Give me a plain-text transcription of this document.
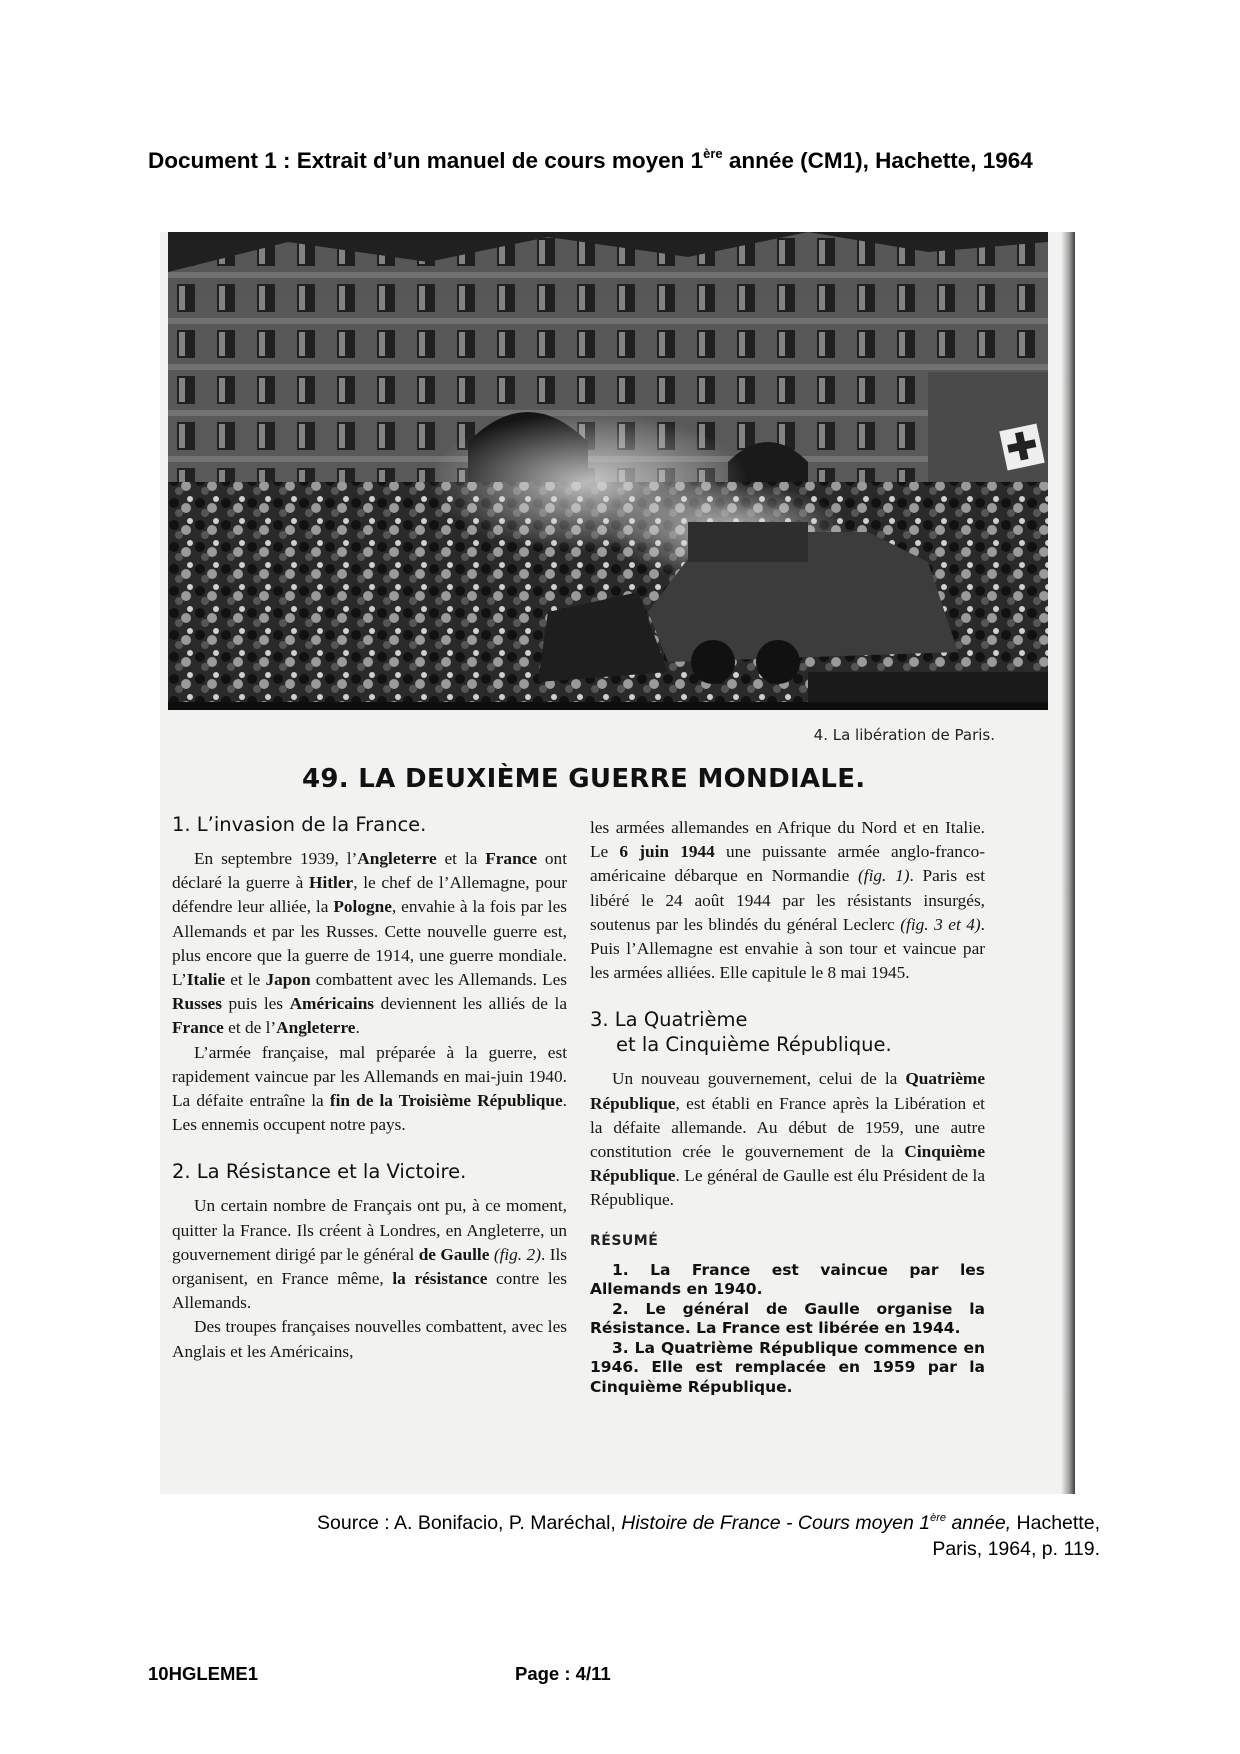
Document 1 : Extrait d’un manuel de cours moyen 1ère année (CM1), Hachette, 1964
4. La libération de Paris.
49. LA DEUXIÈME GUERRE MONDIALE.
1. L’invasion de la France.

En septembre 1939, l’Angleterre et la France ont déclaré la guerre à Hitler, le chef de l’Allemagne, pour défendre leur alliée, la Pologne, envahie à la fois par les Allemands et par les Russes. Cette nouvelle guerre est, plus encore que la guerre de 1914, une guerre mondiale. L’Italie et le Japon combattent avec les Allemands. Les Russes puis les Américains deviennent les alliés de la France et de l’Angleterre.

L’armée française, mal préparée à la guerre, est rapidement vaincue par les Allemands en mai-juin 1940. La défaite entraîne la fin de la Troisième République. Les ennemis occupent notre pays.

2. La Résistance et la Victoire.

Un certain nombre de Français ont pu, à ce moment, quitter la France. Ils créent à Londres, en Angleterre, un gouvernement dirigé par le général de Gaulle (fig. 2). Ils organisent, en France même, la résistance contre les Allemands.

Des troupes françaises nouvelles combattent, avec les Anglais et les Américains,

les armées allemandes en Afrique du Nord et en Italie. Le 6 juin 1944 une puissante armée anglo-franco-américaine débarque en Normandie (fig. 1). Paris est libéré le 24 août 1944 par les résistants insurgés, soutenus par les blindés du général Leclerc (fig. 3 et 4). Puis l’Allemagne est envahie à son tour et vaincue par les armées alliées. Elle capitule le 8 mai 1945.

3. La Quatrième
et la Cinquième République.

Un nouveau gouvernement, celui de la Quatrième République, est établi en France après la Libération et la défaite allemande. Au début de 1959, une autre constitution crée le gouvernement de la Cinquième République. Le général de Gaulle est élu Président de la République.

RÉSUMÉ

1. La France est vaincue par les Allemands en 1940.

2. Le général de Gaulle organise la Résistance. La France est libérée en 1944.

3. La Quatrième République commence en 1946. Elle est remplacée en 1959 par la Cinquième République.

Source : A. Bonifacio, P. Maréchal, Histoire de France - Cours moyen 1ère année, Hachette,
Paris, 1964, p. 119.
10HGLEME1	Page : 4/11
